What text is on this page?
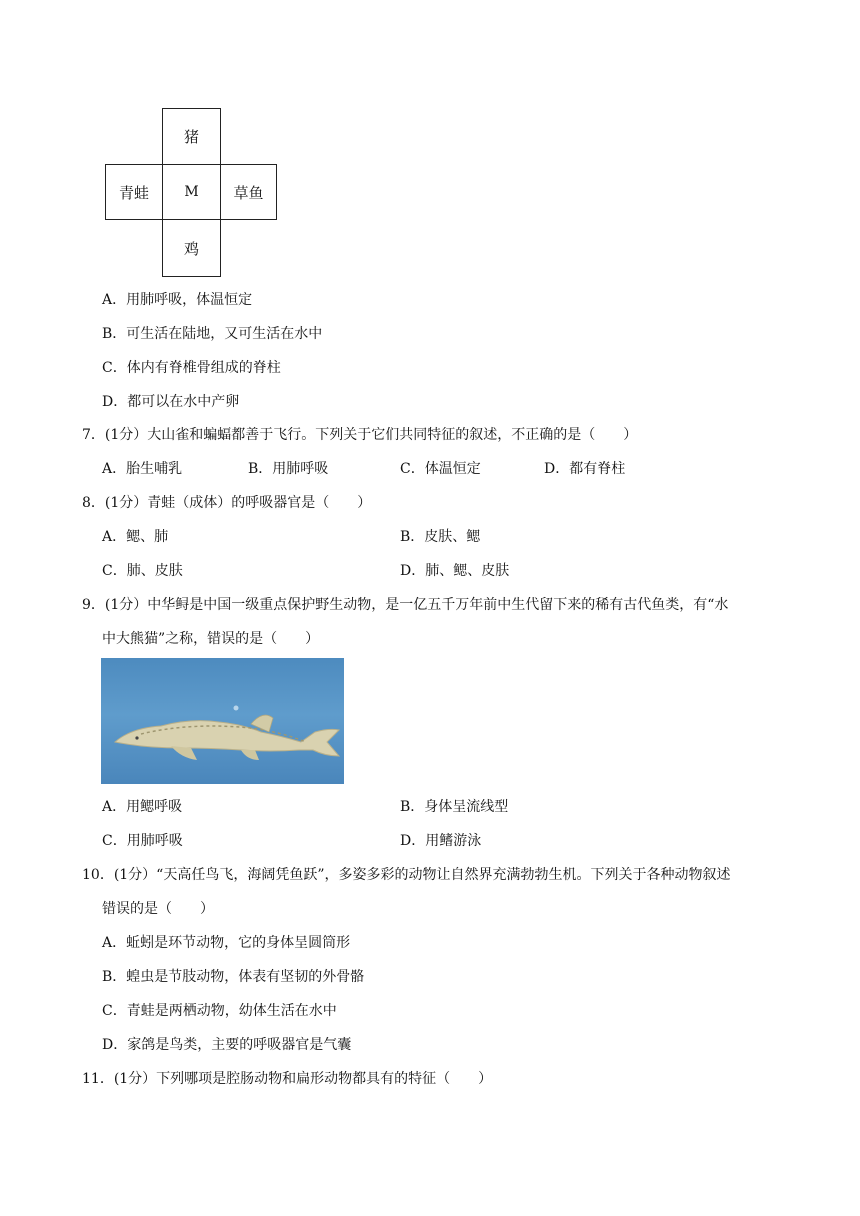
猪
青蛙	M 草鱼
鸡
A．用肺呼吸，体温恒定
B．可生活在陆地，又可生活在水中
C．体内有脊椎骨组成的脊柱
D．都可以在水中产卵
7．(1分）大山雀和蝙蝠都善于飞行。下列关于它们共同特征的叙述，不正确的是（　　）
A．胎生哺乳	B．用肺呼吸	C．体温恒定	D．都有脊柱
8．(1分）青蛙（成体）的呼吸器官是（　　）
A．鳃、肺	B．皮肤、鳃
C．肺、皮肤	D．肺、鳃、皮肤
9．(1分）中华鲟是中国一级重点保护野生动物，是一亿五千万年前中生代留下来的稀有古代鱼类，有“水
中大熊猫”之称，错误的是（　　）
A．用鳃呼吸	B．身体呈流线型
C．用肺呼吸	D．用鳍游泳
10．(1分）“天高任鸟飞，海阔凭鱼跃”，多姿多彩的动物让自然界充满勃勃生机。下列关于各种动物叙述
错误的是（　　）
A．蚯蚓是环节动物，它的身体呈圆筒形
B．蝗虫是节肢动物，体表有坚韧的外骨骼
C．青蛙是两栖动物，幼体生活在水中
D．家鸽是鸟类，主要的呼吸器官是气囊
11．(1分）下列哪项是腔肠动物和扁形动物都具有的特征（　　）
